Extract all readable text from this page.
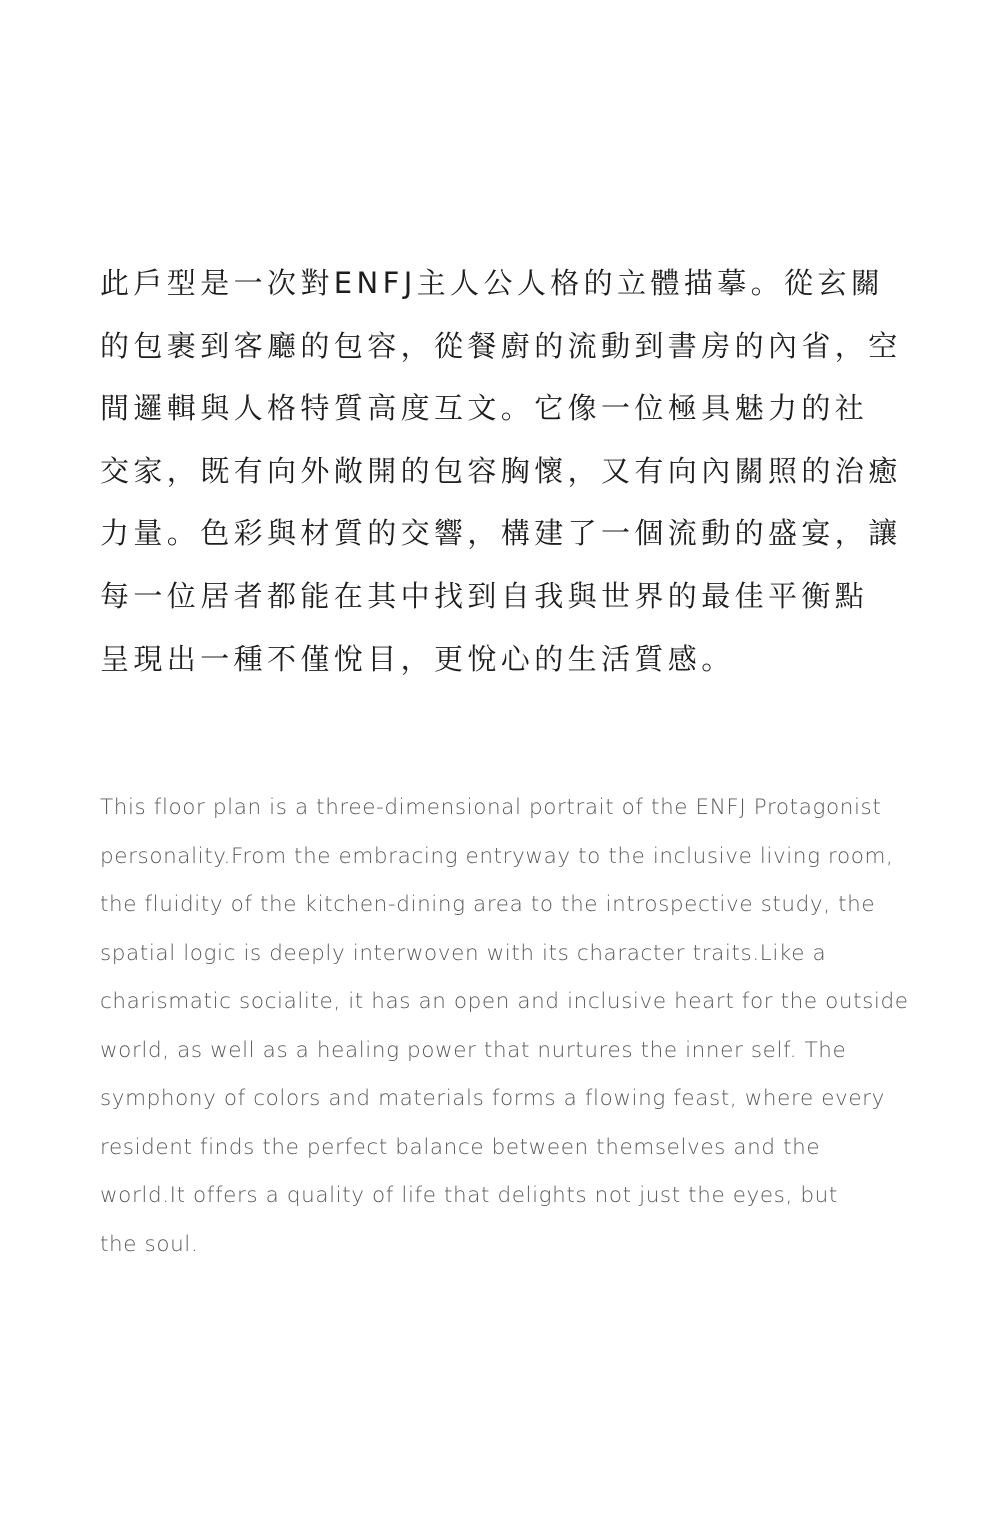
此戶型是一次對ENFJ主人公人格的立體描摹。從玄關
的包裹到客廳的包容，從餐廚的流動到書房的內省，空
間邏輯與人格特質高度互文。它像一位極具魅力的社
交家，既有向外敞開的包容胸懷，又有向內關照的治癒
力量。色彩與材質的交響，構建了一個流動的盛宴，讓
每一位居者都能在其中找到自我與世界的最佳平衡點
呈現出一種不僅悅目，更悅心的生活質感。
This floor plan is a three-dimensional portrait of the ENFJ Protagonist
personality.From the embracing entryway to the inclusive living room,
the fluidity of the kitchen-dining area to the introspective study, the
spatial logic is deeply interwoven with its character traits.Like a
charismatic socialite, it has an open and inclusive heart for the outside
world, as well as a healing power that nurtures the inner self. The
symphony of colors and materials forms a flowing feast, where every
resident finds the perfect balance between themselves and the
world.It offers a quality of life that delights not just the eyes, but
the soul.
